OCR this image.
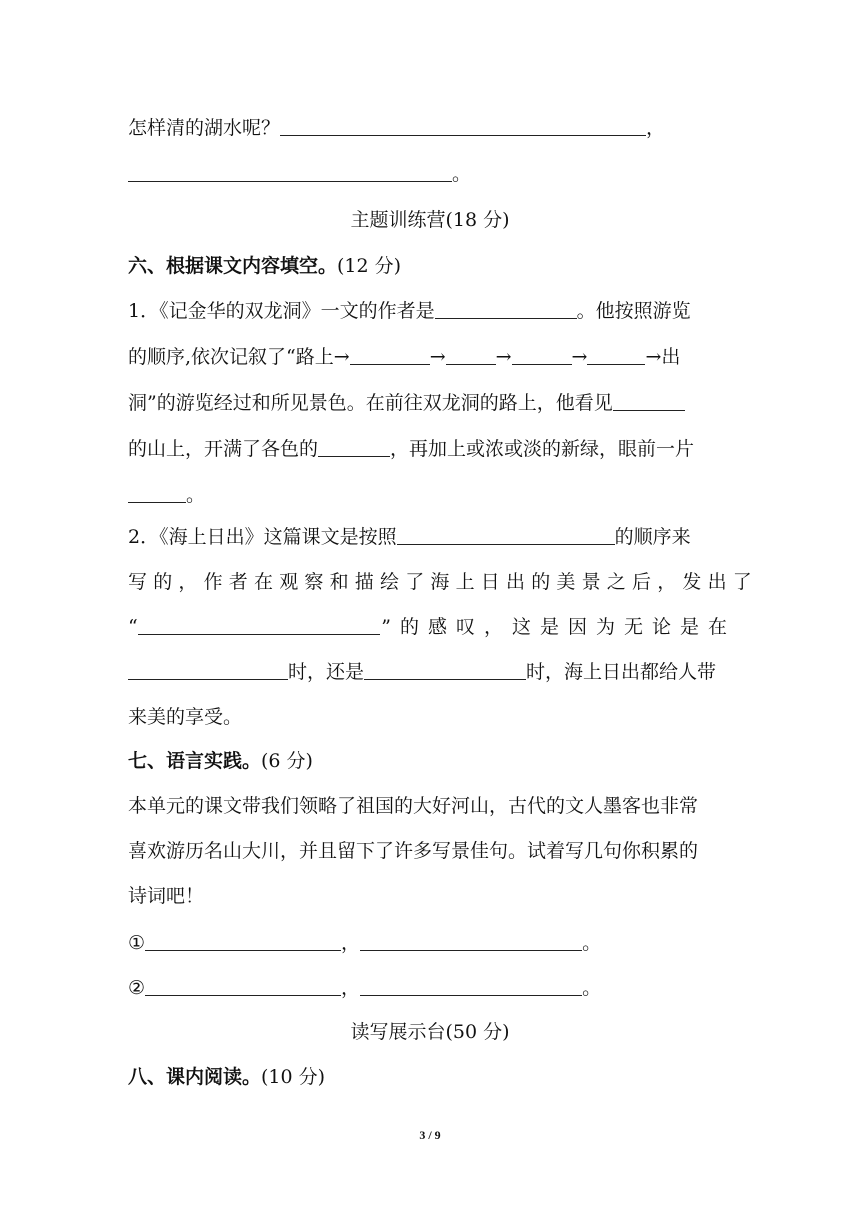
怎样清的湖水呢？	，
。
主题训练营(18 分)
六、根据课文内容填空。(12 分)
1．《记金华的双龙洞》一文的作者是	。他按照游览
的顺序,依次记叙了“路上→	→	→	→	→出
洞”的游览经过和所见景色。在前往双龙洞的路上，他看见
的山上，开满了各色的	，再加上或浓或淡的新绿，眼前一片
。
2．《海上日出》这篇课文是按照	的顺序来
写的，作者在观察和描绘了海上日出的美景之后，发出了
“	”的感叹，这是因为无论是在
时，还是	时，海上日出都给人带
来美的享受。
七、语言实践。(6 分)
本单元的课文带我们领略了祖国的大好河山，古代的文人墨客也非常
喜欢游历名山大川，并且留下了许多写景佳句。试着写几句你积累的
诗词吧！
①	，	。
②	，	。
读写展示台(50 分)
八、课内阅读。(10 分)
3 / 9
